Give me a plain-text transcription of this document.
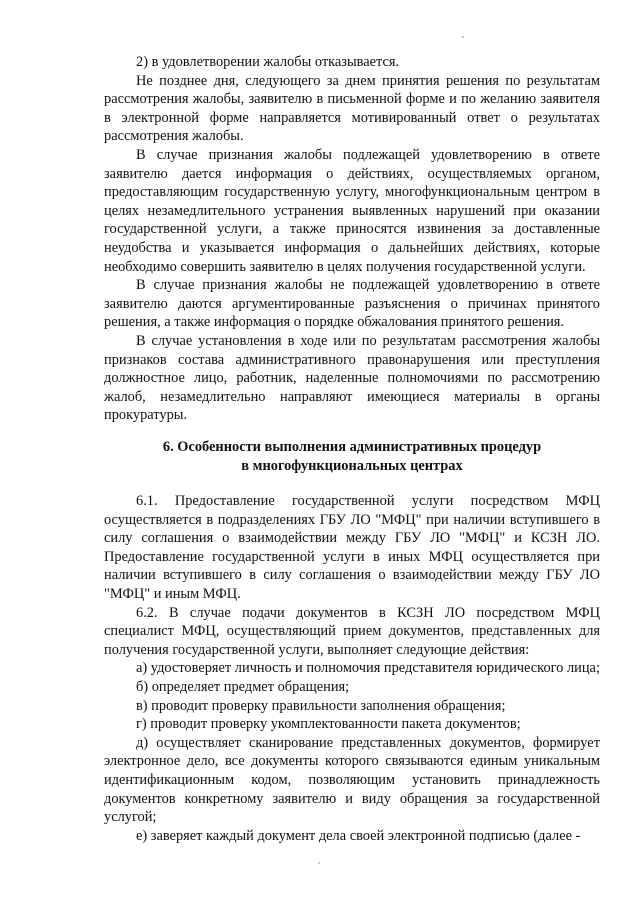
2) в удовлетворении жалобы отказывается.

Не позднее дня, следующего за днем принятия решения по результатам рассмотрения жалобы, заявителю в письменной форме и по желанию заявителя в электронной форме направляется мотивированный ответ о результатах рассмотрения жалобы.

В случае признания жалобы подлежащей удовлетворению в ответе заявителю дается информация о действиях, осуществляемых органом, предоставляющим государственную услугу, многофункциональным центром в целях незамедлительного устранения выявленных нарушений при оказании государственной услуги, а также приносятся извинения за доставленные неудобства и указывается информация о дальнейших действиях, которые необходимо совершить заявителю в целях получения государственной услуги.

В случае признания жалобы не подлежащей удовлетворению в ответе заявителю даются аргументированные разъяснения о причинах принятого решения, а также информация о порядке обжалования принятого решения.

В случае установления в ходе или по результатам рассмотрения жалобы признаков состава административного правонарушения или преступления должностное лицо, работник, наделенные полномочиями по рассмотрению жалоб, незамедлительно направляют имеющиеся материалы в органы прокуратуры.

6. Особенности выполнения административных процедур
в многофункциональных центрах

6.1. Предоставление государственной услуги посредством МФЦ осуществляется в подразделениях ГБУ ЛО "МФЦ" при наличии вступившего в силу соглашения о взаимодействии между ГБУ ЛО "МФЦ" и КСЗН ЛО. Предоставление государственной услуги в иных МФЦ осуществляется при наличии вступившего в силу соглашения о взаимодействии между ГБУ ЛО "МФЦ" и иным МФЦ.

6.2. В случае подачи документов в КСЗН ЛО посредством МФЦ специалист МФЦ, осуществляющий прием документов, представленных для получения государственной услуги, выполняет следующие действия:

а) удостоверяет личность и полномочия представителя юридического лица;

б) определяет предмет обращения;

в) проводит проверку правильности заполнения обращения;

г) проводит проверку укомплектованности пакета документов;

д) осуществляет сканирование представленных документов, формирует электронное дело, все документы которого связываются единым уникальным идентификационным кодом, позволяющим установить принадлежность документов конкретному заявителю и виду обращения за государственной услугой;

е) заверяет каждый документ дела своей электронной подписью (далее -
